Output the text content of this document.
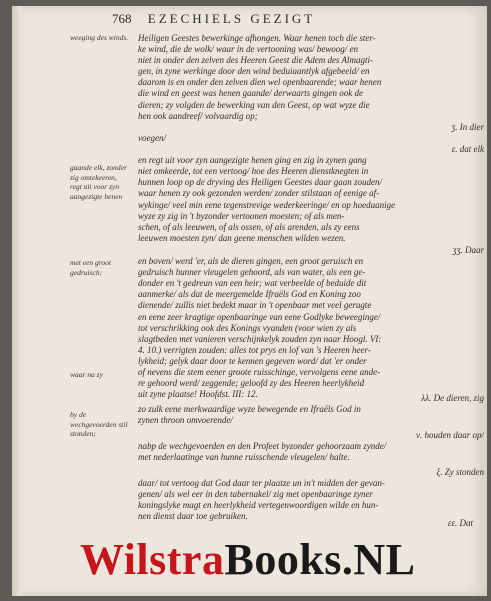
768 EZECHIELS GEZIGT
weeging des winds.
gaande elk, zonder zig omtekeeren, regt uit voor zyn aangezigte henen
met een groot gedruisch;
waar na zy
by de wechgevoerden stil stonden;
Heiligen Geestes bewerkinge afhongen. Waar henen toch die ster-
ke wind, die de wolk/ waar in de vertooning was/ bewoog/ en
niet in onder den zelven des Heeren Geest die Adem des Almagti-
gen, in zyne werkinge door den wind beduiaantlyk afgebeeld/ en
daarom is en onder den zelven dien wel openbaarende; waar henen
die wind en geest was henen gaande/ derwaarts gingen ook de
dieren; zy volgden de bewerking van den Geest, op wat wyze die
hen ook aandreef/ volvaardig op;
ʒ. In dier
voegen/
ε. dat elk
en regt uit voor zyn aangezigte henen ging en zig in zynen gang
niet omkeerde, tot een vertoog/ hoe des Heeren dienstknegten in
hunnen loop op de dryving des Heiligen Geestes daar gaan zouden/
waar henen zy ook gezonden werden/ zonder stilstaan of eenige af-
wykinge/ veel min eene tegenstrevige wederkeeringe/ en op hoedaanige
wyze zy zig in 't byzonder vertoonen moesten; of als men-
schen, of als leeuwen, of als ossen, of als arenden, als zy eens
leeuwen moesten zyn/ dan geene menschen wilden wezen.
ʒʒ. Daar
en boven/ werd 'er, als de dieren gingen, een groot geruisch en
gedruisch hunner vleugelen gehoord, als van water, als een ge-
donder en 't gedreun van een heir; wat verbeelde of beduide dit
aanmerke/ als dat de meergemelde Ifraëls God en Koning zoo
dienende/ zullis niet bedekt maar in 't openbaar met veel gerugte
en eene zeer kragtige openbaaringe van eene Godlyke beweeginge/
tot verschrikking ook des Konings vyanden (voor wien zy als
slagtbeden met vanieren verschijnkelyk zouden zyn naar Hoogl. VI:
4. 10.) verrigten zouden: alles tot prys en lof van 's Heeren heer-
lykheid; gelyk daar door te kennen gegeven word/ dat 'er onder
of nevens die stem eener groote ruisschinge, vervolgens eene ande-
re gehoord werd/ zeggende; geloofd zy des Heeren heerlykheid
uit zyne plaatse! Hoofdst. III: 12.	λλ. De dieren, zig
zo zulk eene merkwaardige wyze bewegende en Ifraëls God in
zynen throon omvoerende/
ν. houden daar op/
nabp de wechgevoerden en den Profeet byzonder gehoorzaam zynde/
met nederlaatinge van hunne ruisschende vleugelen/ halte.
ξ. Zy stonden
daar/ tot vertoog dat God daar ter plaatze un in't midden der gevan-
genen/ als wel eer in den tabernakel/ zig met openbaaringe zyner
koningslyke magt en heerlykheid vertegenwoordigen wilde en hun-
nen dienst daar toe gebruiken.
ɛɛ. Dat
WilstraBooks.NL
